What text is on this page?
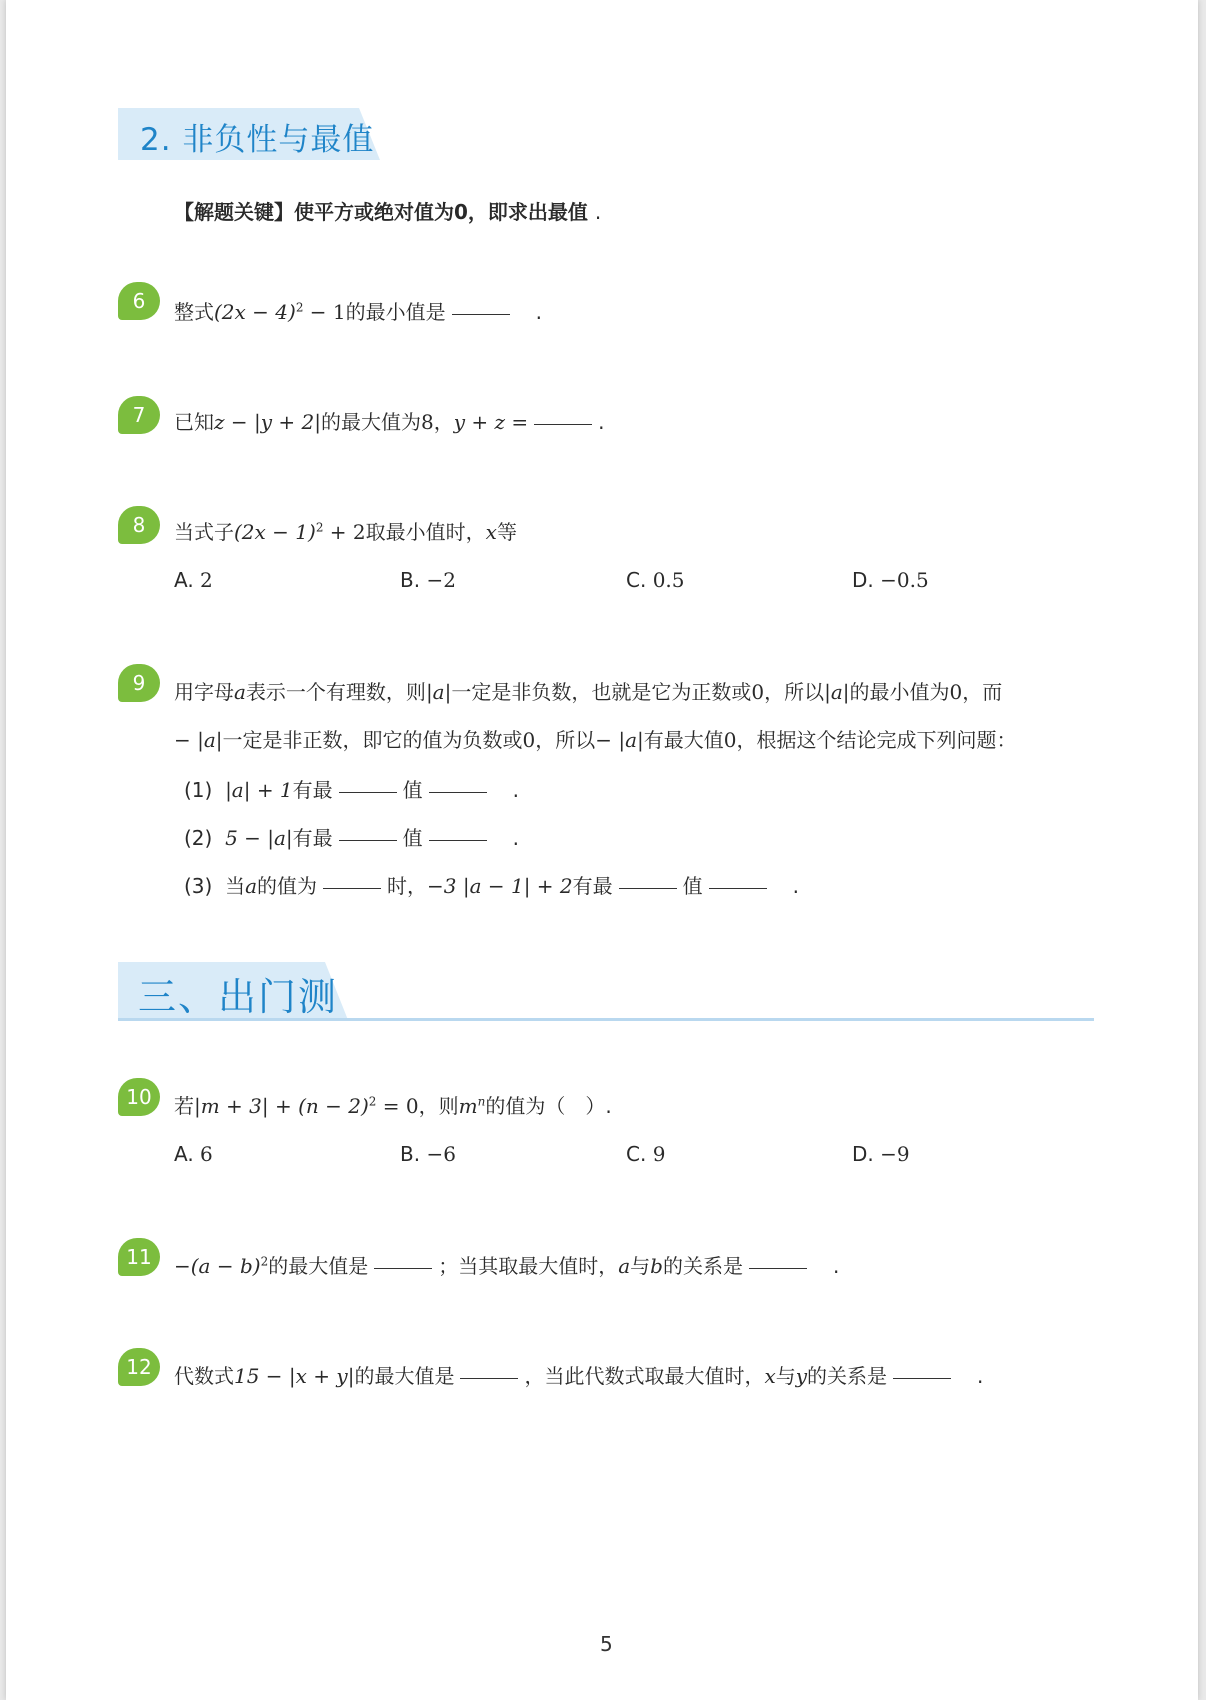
2. 非负性与最值
【解题关键】使平方或绝对值为0，即求出最值 .
6	整式$(2x - 4)^2 - 1$的最小值是　	.
7	已知z − |y + 2|的最大值为8，y + z =	.
8	当式子$(2x - 1)^2 + 2$取最小值时，x等
A. 2	B. −2	C. 0.5	D. −0.5
9	用字母a表示一个有理数，则|a|一定是非负数，也就是它为正数或0，所以|a|的最小值为0，而
− |a|一定是非正数，即它的值为负数或0，所以− |a|有最大值0，根据这个结论完成下列问题：
(1) |a| + 1有最	值　	.
(2) 5 − |a|有最	值　	.
(3) 当a的值为	时，−3 |a − 1| + 2有最	值　	.
三、出门测
10	若$|m + 3| + (n - 2)^2 = 0$，则$m^n$的值为（　）.
A. 6	B. −6	C. 9	D. −9
11	$-(a - b)^2$的最大值是	；当其取最大值时，a与b的关系是　	.
12	代数式15 − |x + y|的最大值是	，当此代数式取最大值时，x与y的关系是　	.
5
